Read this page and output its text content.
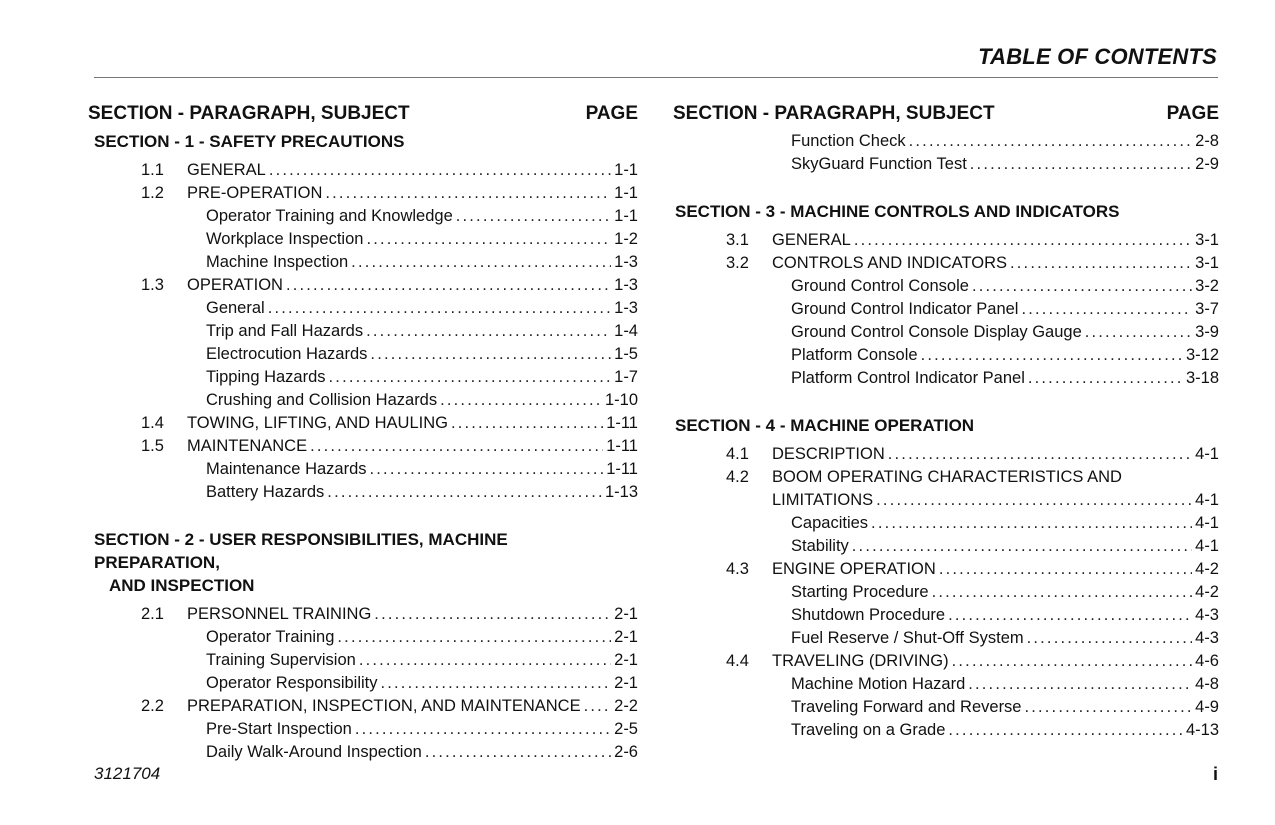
TABLE OF CONTENTS
SECTION - PARAGRAPH, SUBJECT	PAGE
SECTION - 1 - SAFETY PRECAUTIONS
1.1	GENERAL . . .	1-1
1.2	PRE-OPERATION . . .	1-1
Operator Training and Knowledge . . .	1-1
Workplace Inspection . . .	1-2
Machine Inspection . . .	1-3
1.3	OPERATION . . .	1-3
General . . .	1-3
Trip and Fall Hazards . . .	1-4
Electrocution Hazards . . .	1-5
Tipping Hazards . . .	1-7
Crushing and Collision Hazards . . .	1-10
1.4	TOWING, LIFTING, AND HAULING . . .	1-11
1.5	MAINTENANCE . . .	1-11
Maintenance Hazards . . .	1-11
Battery Hazards . . .	1-13
SECTION - 2 - USER RESPONSIBILITIES, MACHINE PREPARATION,
AND INSPECTION
2.1	PERSONNEL TRAINING . . .	2-1
Operator Training . . .	2-1
Training Supervision . . .	2-1
Operator Responsibility . . .	2-1
2.2	PREPARATION, INSPECTION, AND MAINTENANCE . . . 2-2
Pre-Start Inspection . . .	2-5
Daily Walk-Around Inspection . . .	2-6
SECTION - PARAGRAPH, SUBJECT	PAGE
Function Check . . .	2-8
SkyGuard Function Test . . .	2-9
SECTION - 3 - MACHINE CONTROLS AND INDICATORS
3.1	GENERAL . . .	3-1
3.2	CONTROLS AND INDICATORS . . .	3-1
Ground Control Console . . .	3-2
Ground Control Indicator Panel . . .	3-7
Ground Control Console Display Gauge . . .	3-9
Platform Console . . .	3-12
Platform Control Indicator Panel . . .	3-18
SECTION - 4 - MACHINE OPERATION
4.1	DESCRIPTION . . .	4-1
4.2	BOOM OPERATING CHARACTERISTICS AND
LIMITATIONS . . .	4-1
Capacities . . .	4-1
Stability . . .	4-1
4.3	ENGINE OPERATION . . .	4-2
Starting Procedure . . .	4-2
Shutdown Procedure . . .	4-3
Fuel Reserve / Shut-Off System . . .	4-3
4.4	TRAVELING (DRIVING) . . .	4-6
Machine Motion Hazard . . .	4-8
Traveling Forward and Reverse . . .	4-9
Traveling on a Grade . . .	4-13
3121704	i
